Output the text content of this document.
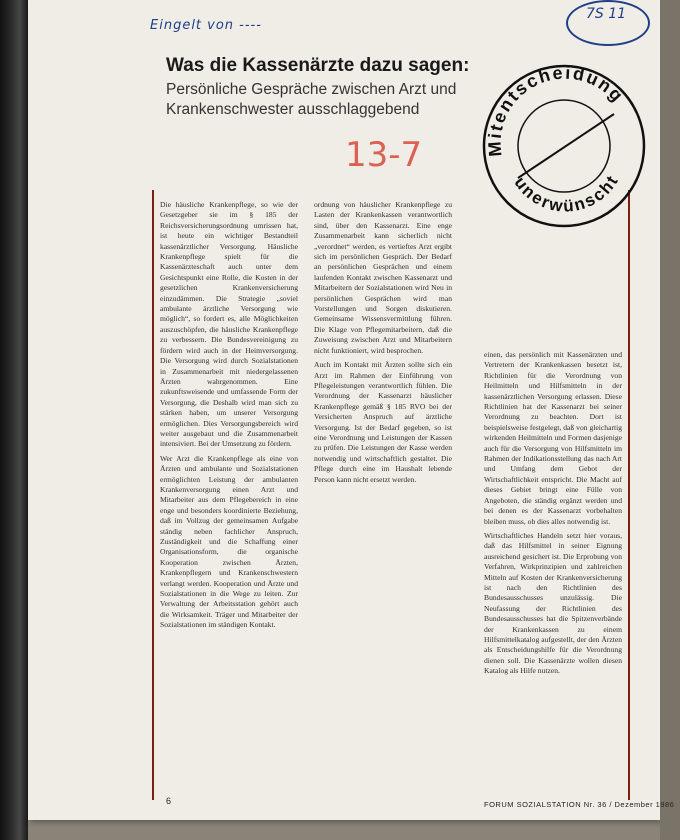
Eingelt von ----
7S 11
13-7
Was die Kassenärzte dazu sagen:
Persönliche Gespräche zwischen Arzt und Krankenschwester ausschlaggebend
Mitentscheidung
unerwünscht

Die häusliche Krankenpflege, so wie der Gesetzgeber sie im § 185 der Reichsversicherungsordnung umrissen hat, ist heute ein wichtiger Bestandteil kassenärztlicher Versorgung. Häusliche Krankenpflege spielt für die Kassenärzteschaft auch unter dem Gesichtspunkt eine Rolle, die Kosten in der gesetzlichen Krankenversicherung einzudämmen. Die Strategie „soviel ambulante ärztliche Versorgung wie möglich“, so fordert es, alle Möglichkeiten auszuschöpfen, die häusliche Krankenpflege zu verbessern. Die Bundesvereinigung zu fördern wird auch in der Heimversorgung. Die Versorgung wird durch Sozialstationen in Zusammenarbeit mit niedergelassenen Ärzten wahrgenommen. Eine zukunftsweisende und umfassende Form der Versorgung, die Deshalb wird man sich zu stärken haben, um unserer Versorgung ermöglichen. Dies Versorgungsbereich wird weiter ausgebaut und die Zusammenarbeit intensiviert. Bei der Umsetzung zu fördern.

Wer Arzt die Krankenpflege als eine von Ärzten und ambulante und Sozialstationen ermöglichten Leistung der ambulanten Krankenversorgung einen Arzt und Mitarbeiter aus dem Pflegebereich in eine enge und besonders koordinierte Beziehung, daß im Vollzug der gemeinsamen Aufgabe ständig neben fachlicher Anspruch, Zuständigkeit und die Schaffung einer Organisationsform, die organische Kooperation zwischen Ärzten, Krankenpflegern und Krankenschwestern verlangt werden. Kooperation und Ärzte und Sozialstationen in die Wege zu leiten. Zur Verwaltung der Arbeitsstation gehört auch die Wirksamkeit. Träger und Mitarbeiter der Sozialstationen im ständigen Kontakt.

ordnung von häuslicher Krankenpflege zu Lasten der Krankenkassen verantwortlich sind, über den Kassenarzt. Eine enge Zusammenarbeit kann sicherlich nicht „verordnet“ werden, es vertieftes Arzt ergibt sich im persönlichen Gespräch. Der Bedarf an persönlichen Gesprächen und einem laufenden Kontakt zwischen Kassenarzt und Mitarbeitern der Sozialstationen wird Neu in persönlichen Gesprächen wird man Vorstellungen und Sorgen diskutieren. Gemeinsame Wissensvermittlung führen. Die Klage von Pflegemitarbeitern, daß die Zuweisung zwischen Arzt und Mitarbeitern nicht funktioniert, wird besprochen.

Auch im Kontakt mit Ärzten sollte sich ein Arzt im Rahmen der Einführung von Pflegeleistungen verantwortlich fühlen. Die Verordnung der Kassenarzt häuslicher Krankenpflege gemäß § 185 RVO bei der Versicherten Anspruch auf ärztliche Versorgung. Ist der Bedarf gegeben, so ist eine Verordnung und Leistungen der Kassen zu prüfen. Die Leistungen der Kasse werden notwendig und wirtschaftlich gestaltet. Die Pflege durch eine im Haushalt lebende Person kann nicht ersetzt werden.

einen, das persönlich mit Kassenärzten und Vertretern der Krankenkassen besetzt ist, Richtlinien für die Verordnung von Heilmitteln und Hilfsmitteln in der kassenärztlichen Versorgung erlassen. Diese Richtlinien hat der Kassenarzt bei seiner Verordnung zu beachten. Dort ist beispielsweise festgelegt, daß von gleichartig wirkenden Heilmitteln und Formen dasjenige auch für die Versorgung von Hilfsmitteln im Rahmen der Indikationsstellung das nach Art und Umfang dem Gebot der Wirtschaftlichkeit entspricht. Die Macht auf dieses Gebiet bringt eine Fülle von Angeboten, die ständig ergänzt werden und bei denen es der Kassenarzt vorbehalten bleiben muss, ob dies alles notwendig ist.

Wirtschaftliches Handeln setzt hier voraus, daß das Hilfsmittel in seiner Eignung ausreichend gesichert ist. Die Erprobung von Verfahren, Wirkprinzipien und zahlreichen Mitteln auf Kosten der Krankenversicherung ist nach den Richtlinien des Bundesausschusses unzulässig. Die Neufassung der Richtlinien des Bundesausschusses hat die Spitzenverbände der Krankenkassen zu einem Hilfsmittelkatalog aufgestellt, der den Ärzten als Entscheidungshilfe für die Verordnung dienen soll. Die Kassenärzte wollen diesen Katalog als Hilfe nutzen.

6	FORUM SOZIALSTATION Nr. 36 / Dezember 1986
